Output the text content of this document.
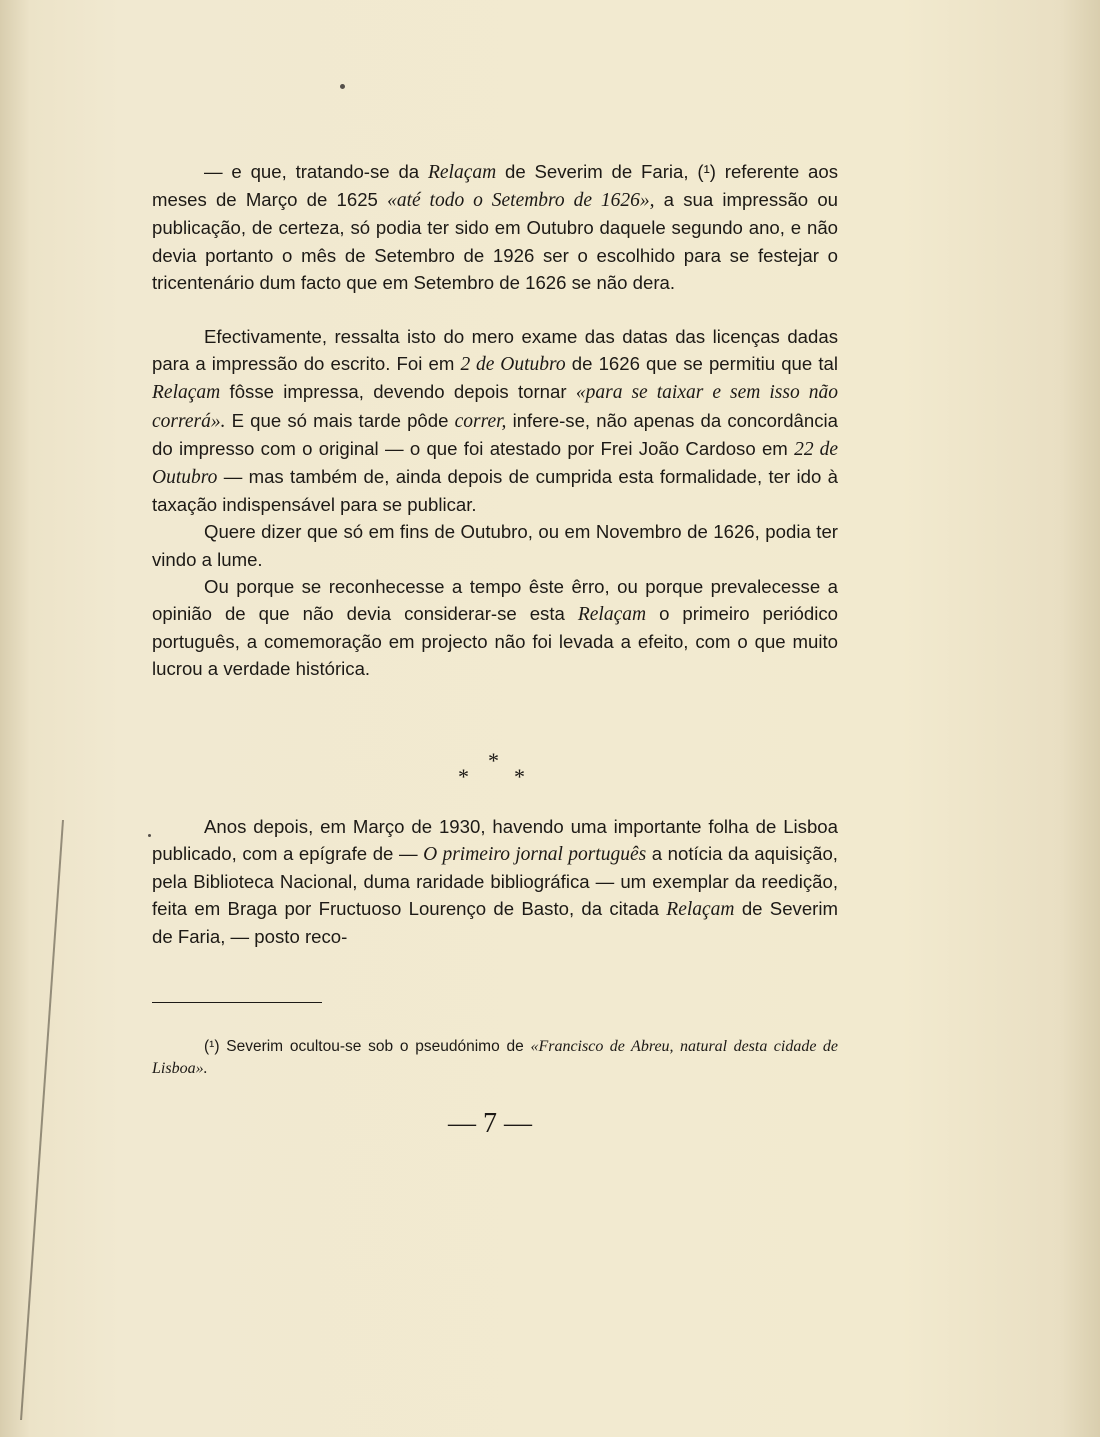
— e que, tratando-se da Relaçam de Severim de Faria, (¹) referente aos meses de Março de 1625 «até todo o Setembro de 1626», a sua impressão ou publicação, de certeza, só podia ter sido em Outubro daquele segundo ano, e não devia portanto o mês de Setembro de 1926 ser o escolhido para se festejar o tricentenário dum facto que em Setembro de 1626 se não dera.

Efectivamente, ressalta isto do mero exame das datas das licenças dadas para a impressão do escrito. Foi em 2 de Outubro de 1626 que se permitiu que tal Relaçam fôsse impressa, devendo depois tornar «para se taixar e sem isso não correrá». E que só mais tarde pôde correr, infere-se, não apenas da concordância do impresso com o original — o que foi atestado por Frei João Cardoso em 22 de Outubro — mas também de, ainda depois de cumprida esta formalidade, ter ido à taxação indispensável para se publicar.

Quere dizer que só em fins de Outubro, ou em Novembro de 1626, podia ter vindo a lume.

Ou porque se reconhecesse a tempo êste êrro, ou porque prevalecesse a opinião de que não devia considerar-se esta Relaçam o primeiro periódico português, a comemoração em projecto não foi levada a efeito, com o que muito lucrou a verdade histórica.

Anos depois, em Março de 1930, havendo uma importante folha de Lisboa publicado, com a epígrafe de — O primeiro jornal português a notícia da aquisição, pela Biblioteca Nacional, duma raridade bibliográfica — um exemplar da reedição, feita em Braga por Fructuoso Lourenço de Basto, da citada Relaçam de Severim de Faria, — posto reco-

*
* *
(¹) Severim ocultou-se sob o pseudónimo de «Francisco de Abreu, natural desta cidade de Lisboa».
— 7 —
